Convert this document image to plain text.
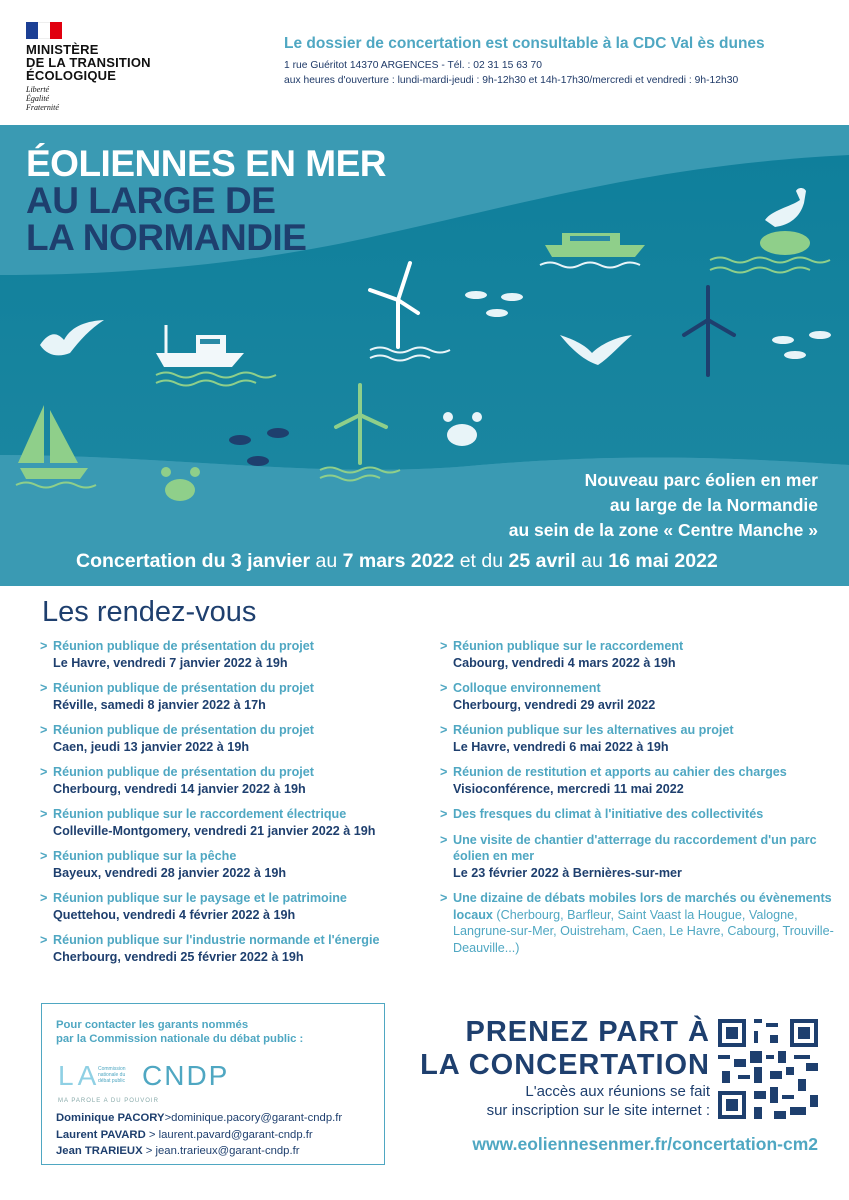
MINISTÈRE
DE LA TRANSITION
ÉCOLOGIQUE
Liberté
Égalité
Fraternité
Le dossier de concertation est consultable à la CDC Val ès dunes
1 rue Guéritot 14370 ARGENCES - Tél. : 02 31 15 63 70
aux heures d'ouverture : lundi-mardi-jeudi : 9h-12h30 et 14h-17h30/mercredi et vendredi : 9h-12h30
ÉOLIENNES EN MER
AU LARGE DE
LA NORMANDIE
Nouveau parc éolien en mer
au large de la Normandie
au sein de la zone « Centre Manche »
Concertation du 3 janvier au 7 mars 2022 et du 25 avril au 16 mai 2022
Les rendez-vous
> Réunion publique de présentation du projet
Le Havre, vendredi 7 janvier 2022 à 19h
> Réunion publique de présentation du projet
Réville, samedi 8 janvier 2022 à 17h
> Réunion publique de présentation du projet
Caen, jeudi 13 janvier 2022 à 19h
> Réunion publique de présentation du projet
Cherbourg, vendredi 14 janvier 2022 à 19h
> Réunion publique sur le raccordement électrique
Colleville-Montgomery, vendredi 21 janvier 2022 à 19h
> Réunion publique sur la pêche
Bayeux, vendredi 28 janvier 2022 à 19h
> Réunion publique sur le paysage et le patrimoine
Quettehou, vendredi 4 février 2022 à 19h
> Réunion publique sur l'industrie normande et l'énergie
Cherbourg, vendredi 25 février 2022 à 19h
> Réunion publique sur le raccordement
Cabourg, vendredi 4 mars 2022 à 19h
> Colloque environnement
Cherbourg, vendredi 29 avril 2022
> Réunion publique sur les alternatives au projet
Le Havre, vendredi 6 mai 2022 à 19h
> Réunion de restitution et apports au cahier des charges
Visioconférence, mercredi 11 mai 2022
> Des fresques du climat à l'initiative des collectivités
> Une visite de chantier d'atterrage du raccordement d'un parc éolien en mer
Le 23 février 2022 à Bernières-sur-mer
> Une dizaine de débats mobiles lors de marchés ou évènements locaux (Cherbourg, Barfleur, Saint Vaast la Hougue, Valogne, Langrune-sur-Mer, Ouistreham, Caen, Le Havre, Cabourg, Trouville-Deauville...)
Pour contacter les garants nommés
par la Commission nationale du débat public :
LA
Commission nationale du débat public CNDP
MA PAROLE A DU POUVOIR
Dominique PACORY>dominique.pacory@garant-cndp.fr
Laurent PAVARD > laurent.pavard@garant-cndp.fr
Jean TRARIEUX > jean.trarieux@garant-cndp.fr
PRENEZ PART À
LA CONCERTATION
L'accès aux réunions se fait
sur inscription sur le site internet :
www.eoliennesenmer.fr/concertation-cm2
